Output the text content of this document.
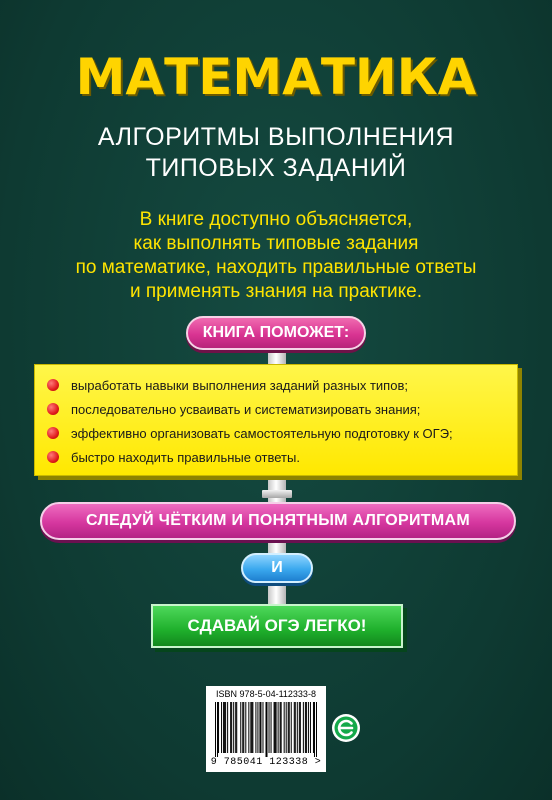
МАТЕМАТИКА
АЛГОРИТМЫ ВЫПОЛНЕНИЯ
ТИПОВЫХ ЗАДАНИЙ
В книге доступно объясняется,
как выполнять типовые задания
по математике, находить правильные ответы
и применять знания на практике.
КНИГА ПОМОЖЕТ:
выработать навыки выполнения заданий разных типов;
последовательно усваивать и систематизировать знания;
эффективно организовать самостоятельную подготовку к ОГЭ;
быстро находить правильные ответы.
СЛЕДУЙ ЧЁТКИМ И ПОНЯТНЫМ АЛГОРИТМАМ
И
СДАВАЙ ОГЭ ЛЕГКО!
ISBN 978-5-04-112333-8
9 785041 123338 >
